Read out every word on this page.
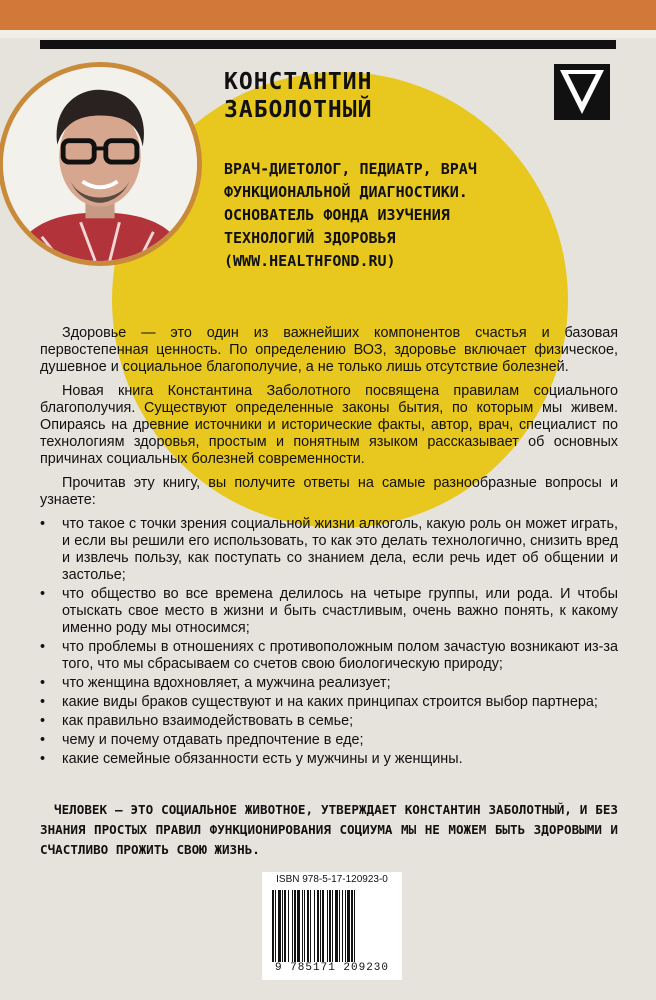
КОНСТАНТИН
ЗАБОЛОТНЫЙ

ВРАЧ-ДИЕТОЛОГ, ПЕДИАТР, ВРАЧ
ФУНКЦИОНАЛЬНОЙ ДИАГНОСТИКИ.
ОСНОВАТЕЛЬ ФОНДА ИЗУЧЕНИЯ
ТЕХНОЛОГИЙ ЗДОРОВЬЯ
(WWW.HEALTHFOND.RU)

Здоровье — это один из важнейших компонентов счастья и базовая первостепенная ценность. По определению ВОЗ, здоровье включает физическое, душевное и социальное благополучие, а не только лишь отсутствие болезней.

Новая книга Константина Заболотного посвящена правилам социального благополучия. Существуют определенные законы бытия, по которым мы живем. Опираясь на древние источники и исторические факты, автор, врач, специалист по технологиям здоровья, простым и понятным языком рассказывает об основных причинах социальных болезней современности.

Прочитав эту книгу, вы получите ответы на самые разнообразные вопросы и узнаете:

• что такое с точки зрения социальной жизни алкоголь, какую роль он может играть, и если вы решили его использовать, то как это делать технологично, снизить вред и извлечь пользу, как поступать со знанием дела, если речь идет об общении и застолье;
• что общество во все времена делилось на четыре группы, или рода. И чтобы отыскать свое место в жизни и быть счастливым, очень важно понять, к какому именно роду мы относимся;
• что проблемы в отношениях с противоположным полом зачастую возникают из-за того, что мы сбрасываем со счетов свою биологическую природу;
• что женщина вдохновляет, а мужчина реализует;
• какие виды браков существуют и на каких принципах строится выбор партнера;
• как правильно взаимодействовать в семье;
• чему и почему отдавать предпочтение в еде;
• какие семейные обязанности есть у мужчины и у женщины.

ЧЕЛОВЕК — ЭТО СОЦИАЛЬНОЕ ЖИВОТНОЕ, УТВЕРЖДАЕТ КОНСТАНТИН ЗАБОЛОТНЫЙ, И БЕЗ ЗНАНИЯ ПРОСТЫХ ПРАВИЛ ФУНКЦИОНИРОВАНИЯ СОЦИУМА МЫ НЕ МОЖЕМ БЫТЬ ЗДОРОВЫМИ И СЧАСТЛИВО ПРОЖИТЬ СВОЮ ЖИЗНЬ.

ISBN 978-5-17-120923-0

9 785171 209230
